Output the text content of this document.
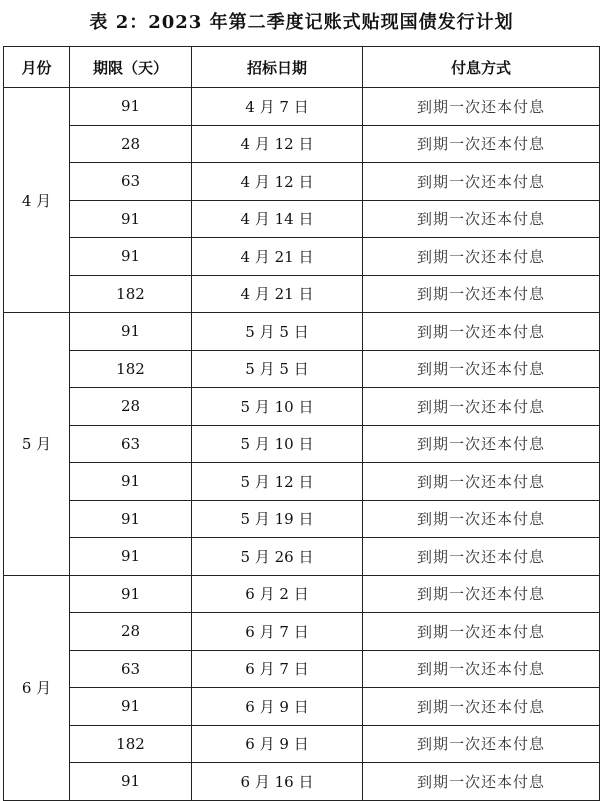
表 2：2023 年第二季度记账式贴现国债发行计划
月份	期限（天）	招标日期	付息方式
4 月	91	4 月 7 日	到期一次还本付息
	28	4 月 12 日	到期一次还本付息
	63	4 月 12 日	到期一次还本付息
	91	4 月 14 日	到期一次还本付息
	91	4 月 21 日	到期一次还本付息
	182	4 月 21 日	到期一次还本付息
5 月	91	5 月 5 日	到期一次还本付息
	182	5 月 5 日	到期一次还本付息
	28	5 月 10 日	到期一次还本付息
	63	5 月 10 日	到期一次还本付息
	91	5 月 12 日	到期一次还本付息
	91	5 月 19 日	到期一次还本付息
	91	5 月 26 日	到期一次还本付息
6 月	91	6 月 2 日	到期一次还本付息
	28	6 月 7 日	到期一次还本付息
	63	6 月 7 日	到期一次还本付息
	91	6 月 9 日	到期一次还本付息
	182	6 月 9 日	到期一次还本付息
	91	6 月 16 日	到期一次还本付息
